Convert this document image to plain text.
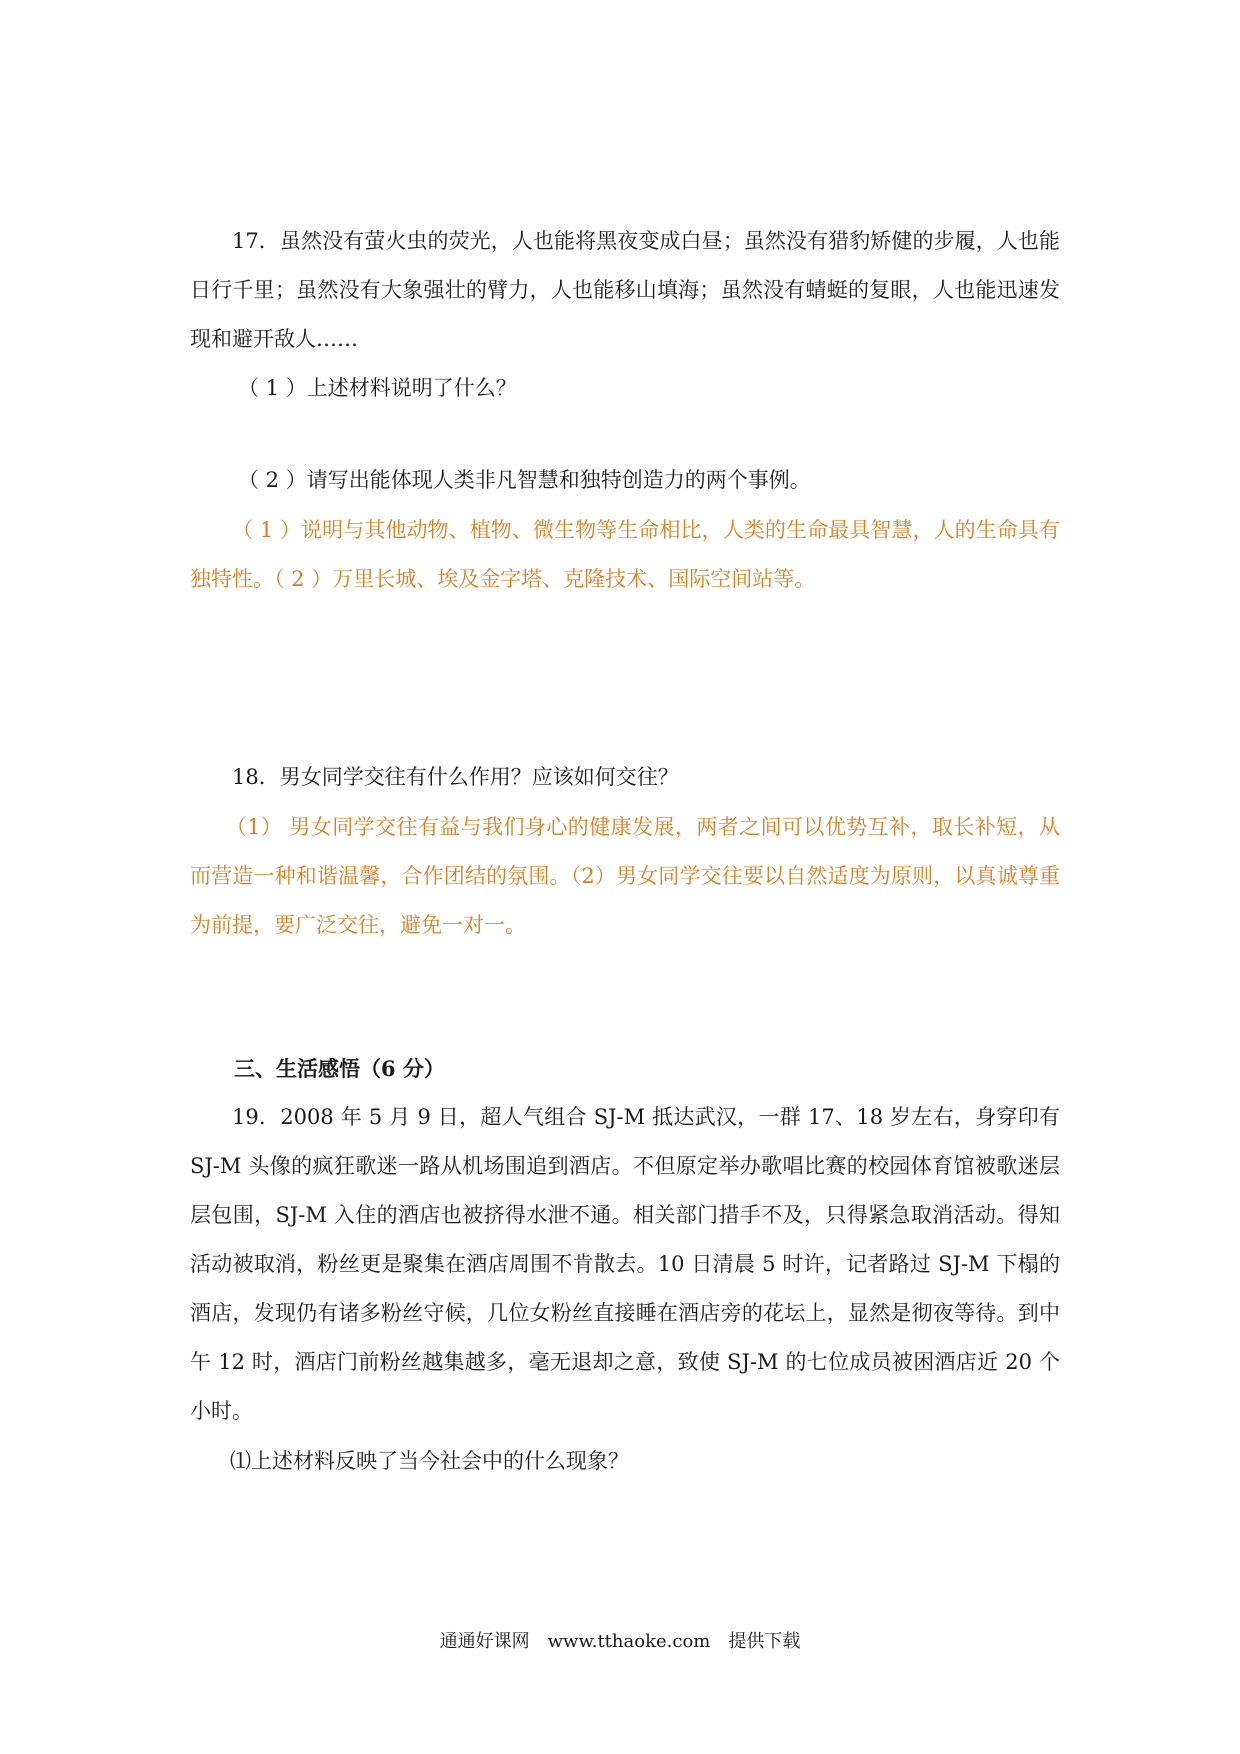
17．虽然没有萤火虫的荧光，人也能将黑夜变成白昼；虽然没有猎豹矫健的步履，人也能日行千里；虽然没有大象强壮的臂力，人也能移山填海；虽然没有蜻蜓的复眼，人也能迅速发现和避开敌人……

（ 1 ）上述材料说明了什么？

（ 2 ）请写出能体现人类非凡智慧和独特创造力的两个事例。

（ 1 ）说明与其他动物、植物、微生物等生命相比，人类的生命最具智慧，人的生命具有独特性。（ 2 ）万里长城、埃及金字塔、克隆技术、国际空间站等。

18．男女同学交往有什么作用？应该如何交往？

（1） 男女同学交往有益与我们身心的健康发展，两者之间可以优势互补，取长补短，从而营造一种和谐温馨，合作团结的氛围。（2）男女同学交往要以自然适度为原则，以真诚尊重为前提，要广泛交往，避免一对一。

三、生活感悟（6 分）

19．2008 年 5 月 9 日，超人气组合 SJ-M 抵达武汉，一群 17、18 岁左右，身穿印有 SJ-M 头像的疯狂歌迷一路从机场围追到酒店。不但原定举办歌唱比赛的校园体育馆被歌迷层层包围，SJ-M 入住的酒店也被挤得水泄不通。相关部门措手不及，只得紧急取消活动。得知活动被取消，粉丝更是聚集在酒店周围不肯散去。10 日清晨 5 时许，记者路过 SJ-M 下榻的酒店，发现仍有诸多粉丝守候，几位女粉丝直接睡在酒店旁的花坛上，显然是彻夜等待。到中午 12 时，酒店门前粉丝越集越多，毫无退却之意，致使 SJ-M 的七位成员被困酒店近 20 个小时。

⑴上述材料反映了当今社会中的什么现象？

通通好课网　www.tthaoke.com　提供下载
